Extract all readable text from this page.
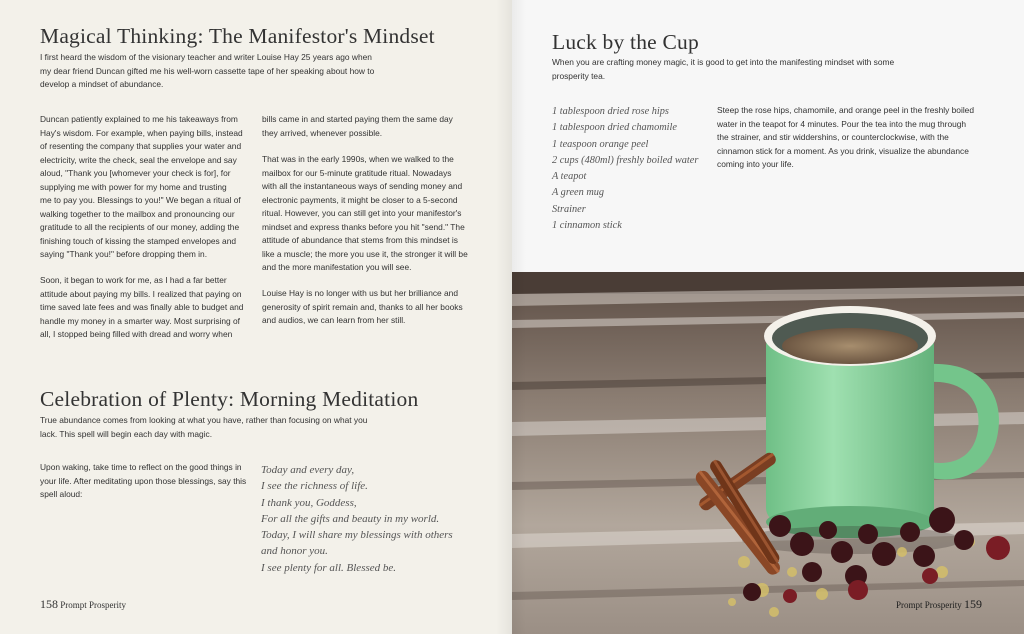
Magical Thinking: The Manifestor's Mindset
I first heard the wisdom of the visionary teacher and writer Louise Hay 25 years ago when
my dear friend Duncan gifted me his well-worn cassette tape of her speaking about how to
develop a mindset of abundance.
Duncan patiently explained to me his takeaways from
Hay's wisdom. For example, when paying bills, instead
of resenting the company that supplies your water and
electricity, write the check, seal the envelope and say
aloud, "Thank you [whomever your check is for], for
supplying me with power for my home and trusting
me to pay you. Blessings to you!" We began a ritual of
walking together to the mailbox and pronouncing our
gratitude to all the recipients of our money, adding the
finishing touch of kissing the stamped envelopes and
saying "Thank you!" before dropping them in.
Soon, it began to work for me, as I had a far better
attitude about paying my bills. I realized that paying on
time saved late fees and was finally able to budget and
handle my money in a smarter way. Most surprising of
all, I stopped being filled with dread and worry when
bills came in and started paying them the same day
they arrived, whenever possible.
That was in the early 1990s, when we walked to the
mailbox for our 5-minute gratitude ritual. Nowadays
with all the instantaneous ways of sending money and
electronic payments, it might be closer to a 5-second
ritual. However, you can still get into your manifestor's
mindset and express thanks before you hit "send." The
attitude of abundance that stems from this mindset is
like a muscle; the more you use it, the stronger it will be
and the more manifestation you will see.
Louise Hay is no longer with us but her brilliance and
generosity of spirit remain and, thanks to all her books
and audios, we can learn from her still.
Celebration of Plenty: Morning Meditation
True abundance comes from looking at what you have, rather than focusing on what you
lack. This spell will begin each day with magic.
Upon waking, take time to reflect on the good things in
your life. After meditating upon those blessings, say this
spell aloud:
Today and every day,
I see the richness of life.
I thank you, Goddess,
For all the gifts and beauty in my world.
Today, I will share my blessings with others
and honor you.
I see plenty for all. Blessed be.
158 Prompt Prosperity
Luck by the Cup
When you are crafting money magic, it is good to get into the manifesting mindset with some
prosperity tea.
1 tablespoon dried rose hips
1 tablespoon dried chamomile
1 teaspoon orange peel
2 cups (480ml) freshly boiled water
A teapot
A green mug
Strainer
1 cinnamon stick
Steep the rose hips, chamomile, and orange peel in the freshly boiled
water in the teapot for 4 minutes. Pour the tea into the mug through
the strainer, and stir widdershins, or counterclockwise, with the
cinnamon stick for a moment. As you drink, visualize the abundance
coming into your life.
Prompt Prosperity 159
